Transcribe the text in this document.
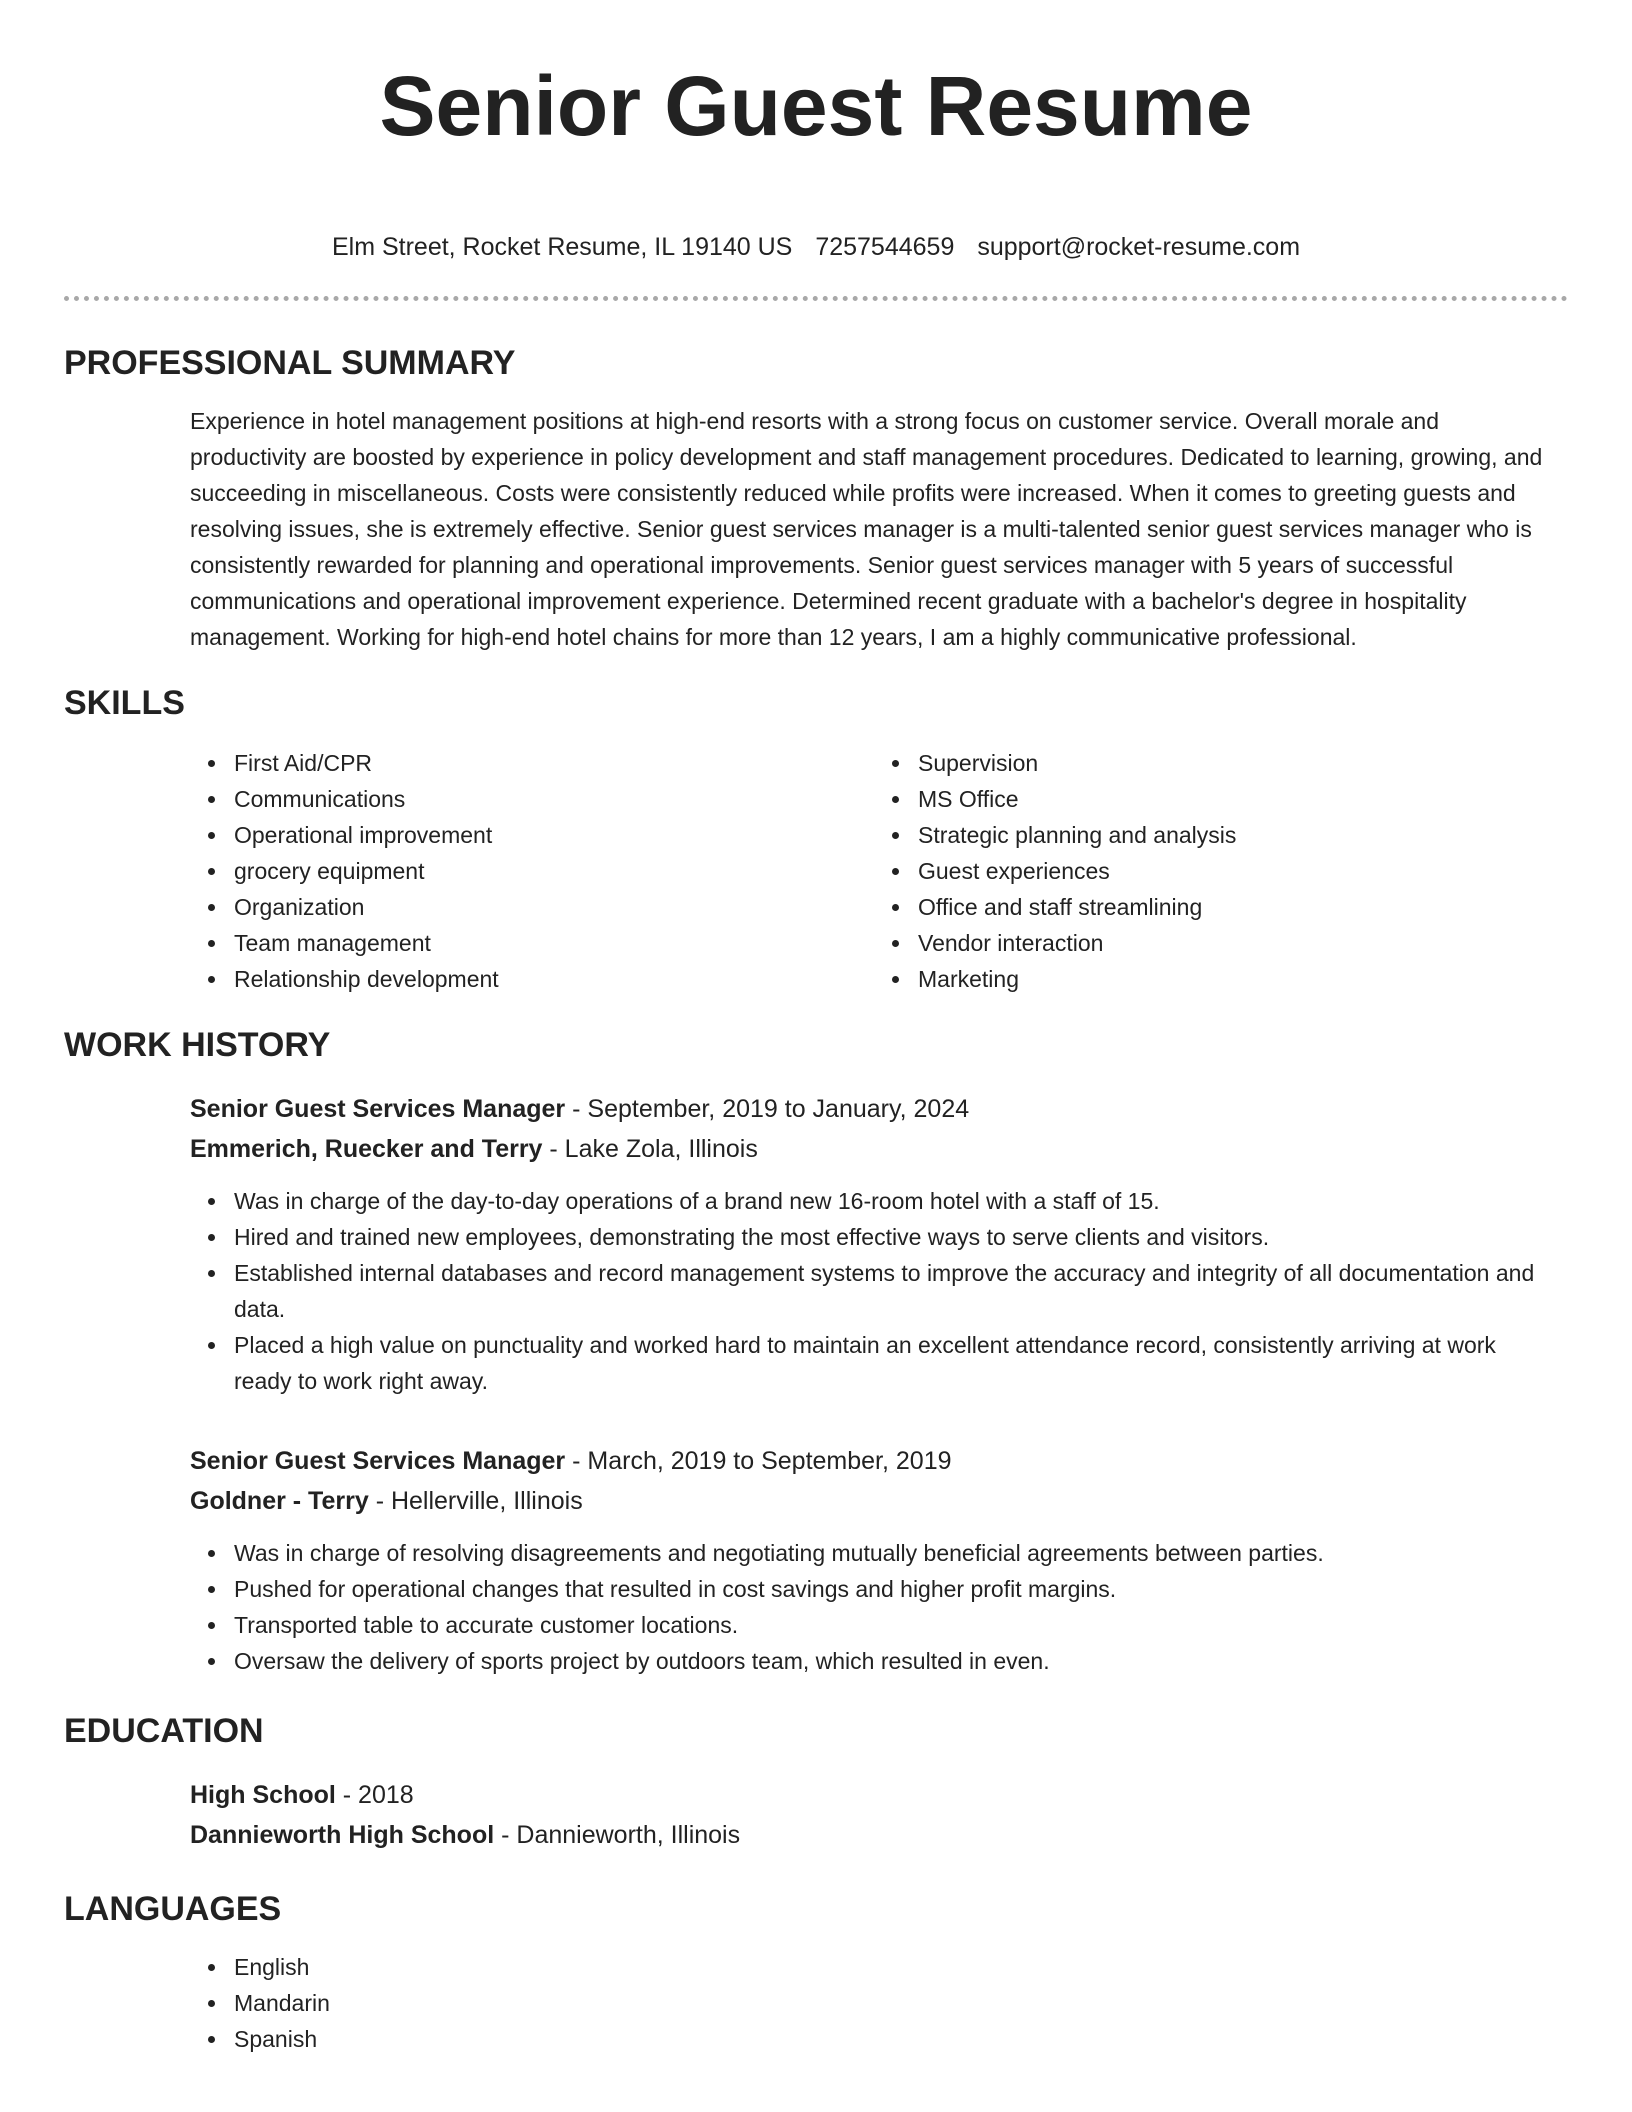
Senior Guest Resume
Elm Street, Rocket Resume, IL 19140 US 7257544659 support@rocket-resume.com
PROFESSIONAL SUMMARY
Experience in hotel management positions at high-end resorts with a strong focus on customer service. Overall morale and productivity are boosted by experience in policy development and staff management procedures. Dedicated to learning, growing, and succeeding in miscellaneous. Costs were consistently reduced while profits were increased. When it comes to greeting guests and resolving issues, she is extremely effective. Senior guest services manager is a multi-talented senior guest services manager who is consistently rewarded for planning and operational improvements. Senior guest services manager with 5 years of successful communications and operational improvement experience. Determined recent graduate with a bachelor's degree in hospitality management. Working for high-end hotel chains for more than 12 years, I am a highly communicative professional.
SKILLS
First Aid/CPR
Communications
Operational improvement
grocery equipment
Organization
Team management
Relationship development
Supervision
MS Office
Strategic planning and analysis
Guest experiences
Office and staff streamlining
Vendor interaction
Marketing
WORK HISTORY
Senior Guest Services Manager - September, 2019 to January, 2024
Emmerich, Ruecker and Terry - Lake Zola, Illinois
Was in charge of the day-to-day operations of a brand new 16-room hotel with a staff of 15.
Hired and trained new employees, demonstrating the most effective ways to serve clients and visitors.
Established internal databases and record management systems to improve the accuracy and integrity of all documentation and data.
Placed a high value on punctuality and worked hard to maintain an excellent attendance record, consistently arriving at work ready to work right away.
Senior Guest Services Manager - March, 2019 to September, 2019
Goldner - Terry - Hellerville, Illinois
Was in charge of resolving disagreements and negotiating mutually beneficial agreements between parties.
Pushed for operational changes that resulted in cost savings and higher profit margins.
Transported table to accurate customer locations.
Oversaw the delivery of sports project by outdoors team, which resulted in even.
EDUCATION
High School - 2018
Dannieworth High School - Dannieworth, Illinois
LANGUAGES
English
Mandarin
Spanish
